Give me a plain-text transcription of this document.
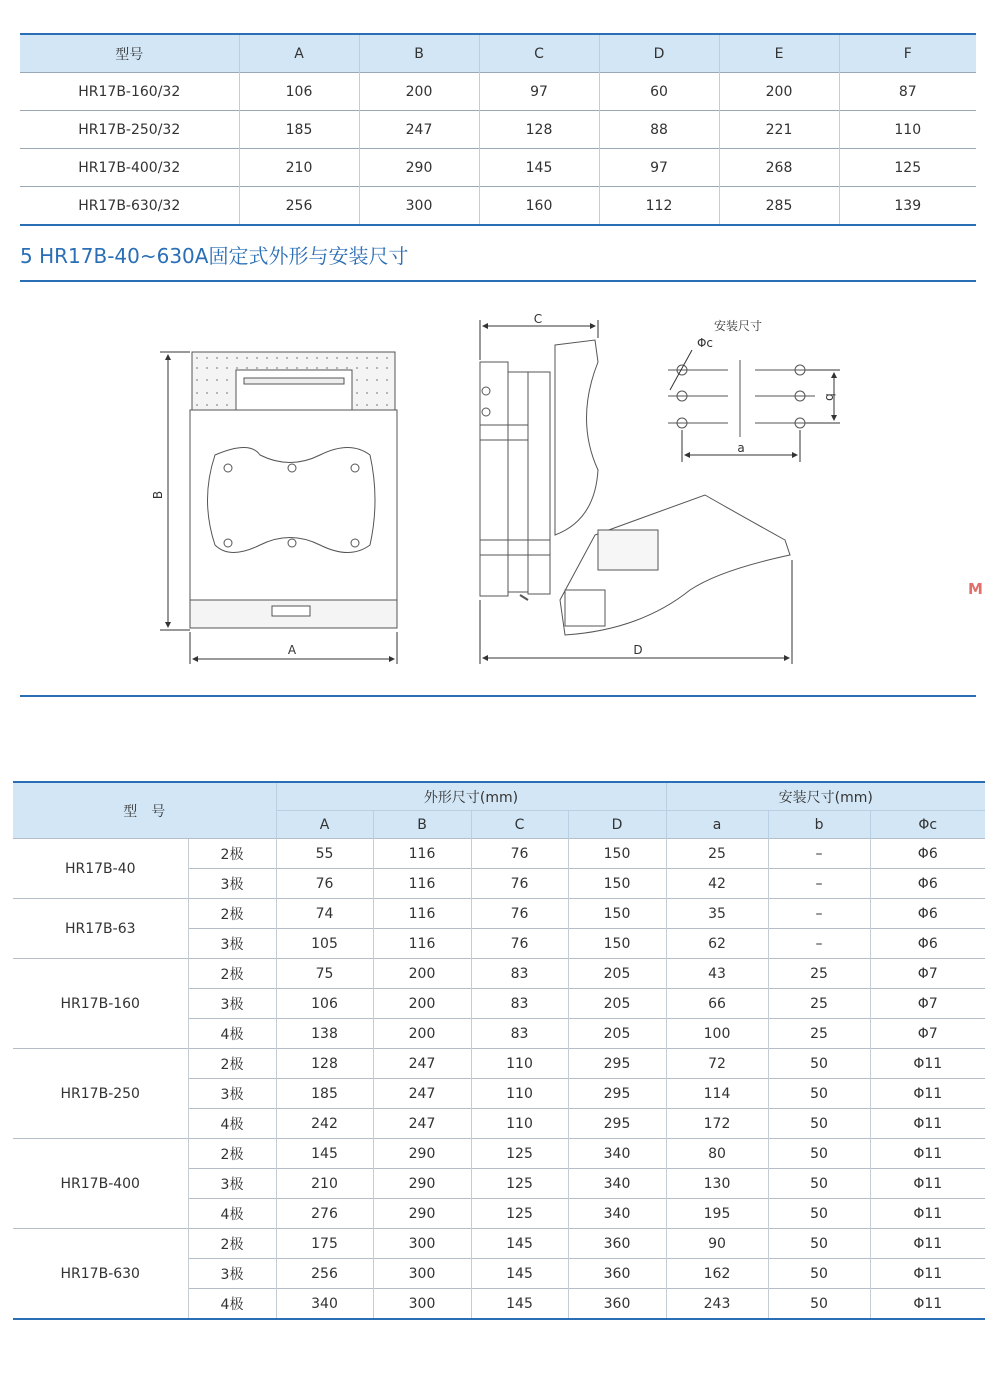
型号	A	B	C	D	E	F
HR17B-160/32	106	200	97	60	200	87
HR17B-250/32	185	247	128	88	221	110
HR17B-400/32	210	290	145	97	268	125
HR17B-630/32	256	300	160	112	285	139
5 HR17B-40~630A固定式外形与安装尺寸
M
B
A
C
D
安装尺寸
Φc
a
b
型　号		外形尺寸(mm)				安装尺寸(mm)		
		A	B	C	D	a	b	Φc
HR17B-40	2极	55	116	76	150	25	–	Φ6
	3极	76	116	76	150	42	–	Φ6
HR17B-63	2极	74	116	76	150	35	–	Φ6
	3极	105	116	76	150	62	–	Φ6
HR17B-160	2极	75	200	83	205	43	25	Φ7
	3极	106	200	83	205	66	25	Φ7
	4极	138	200	83	205	100	25	Φ7
HR17B-250	2极	128	247	110	295	72	50	Φ11
	3极	185	247	110	295	114	50	Φ11
	4极	242	247	110	295	172	50	Φ11
HR17B-400	2极	145	290	125	340	80	50	Φ11
	3极	210	290	125	340	130	50	Φ11
	4极	276	290	125	340	195	50	Φ11
HR17B-630	2极	175	300	145	360	90	50	Φ11
	3极	256	300	145	360	162	50	Φ11
	4极	340	300	145	360	243	50	Φ11
